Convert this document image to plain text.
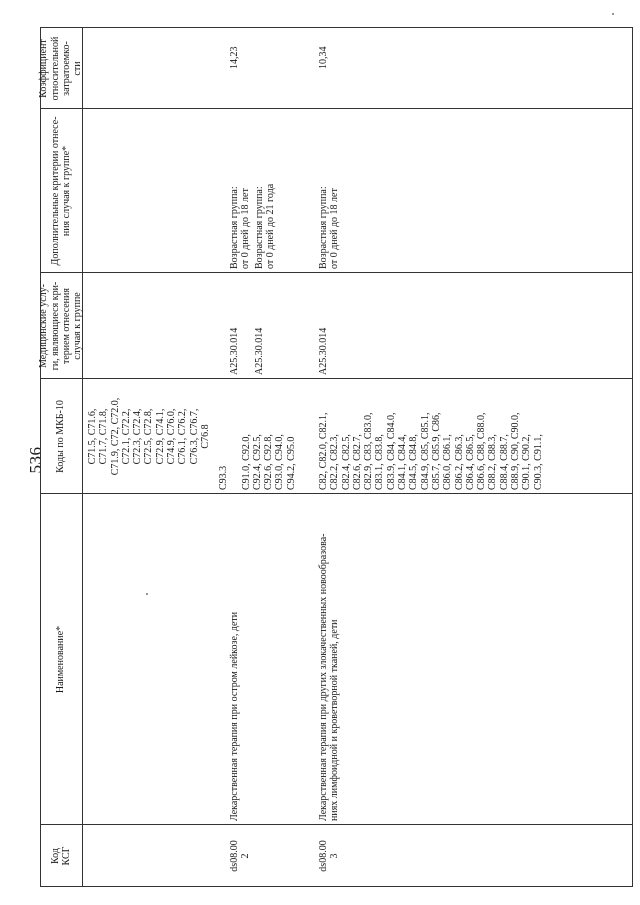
536
Код
КСГ
Наименование*
Коды по МКБ-10
Медицинские услу-
ги, являющиеся кри-
терием отнесения
случая к группе
Дополнительные критерии отнесе-
ния случая к группе*
Коэффициент
относительной
затратоемко-
сти
C71.5, C71.6,
C71.7, C71.8,
C71.9, C72, C72.0,
C72.1, C72.2,
C72.3, C72.4,
C72.5, C72.8,
C72.9, C74.1,
C74.9, C76.0,
C76.1, C76.2,
C76.3, C76.7,
C76.8
ds08.00
2
Лекарственная терапия при остром лейкозе, дети
C93.3

C91.0, C92.0,
C92.4, C92.5,
C92.6, C92.8,
C93.0, C94.0,
C94.2, C95.0
A25.30.014
Возрастная группа:
от 0 дней до 18 лет
A25.30.014
Возрастная группа:
от 0 дней до 21 года
14,23
ds08.00
3
Лекарственная терапия при других злокачественных новообразова-
ниях лимфоидной и кроветворной тканей, дети
C82, C82.0, C82.1,
C82.2, C82.3,
C82.4, C82.5,
C82.6, C82.7,
C82.9, C83, C83.0,
C83.1, C83.8,
C83.9, C84, C84.0,
C84.1, C84.4,
C84.5, C84.8,
C84.9, C85, C85.1,
C85.7, C85.9, C86,
C86.0, C86.1,
C86.2, C86.3,
C86.4, C86.5,
C86.6, C88, C88.0,
C88.2, C88.3,
C88.4, C88.7,
C88.9, C90, C90.0,
C90.1, C90.2,
C90.3, C91.1,
A25.30.014
Возрастная группа:
от 0 дней до 18 лет
10,34
